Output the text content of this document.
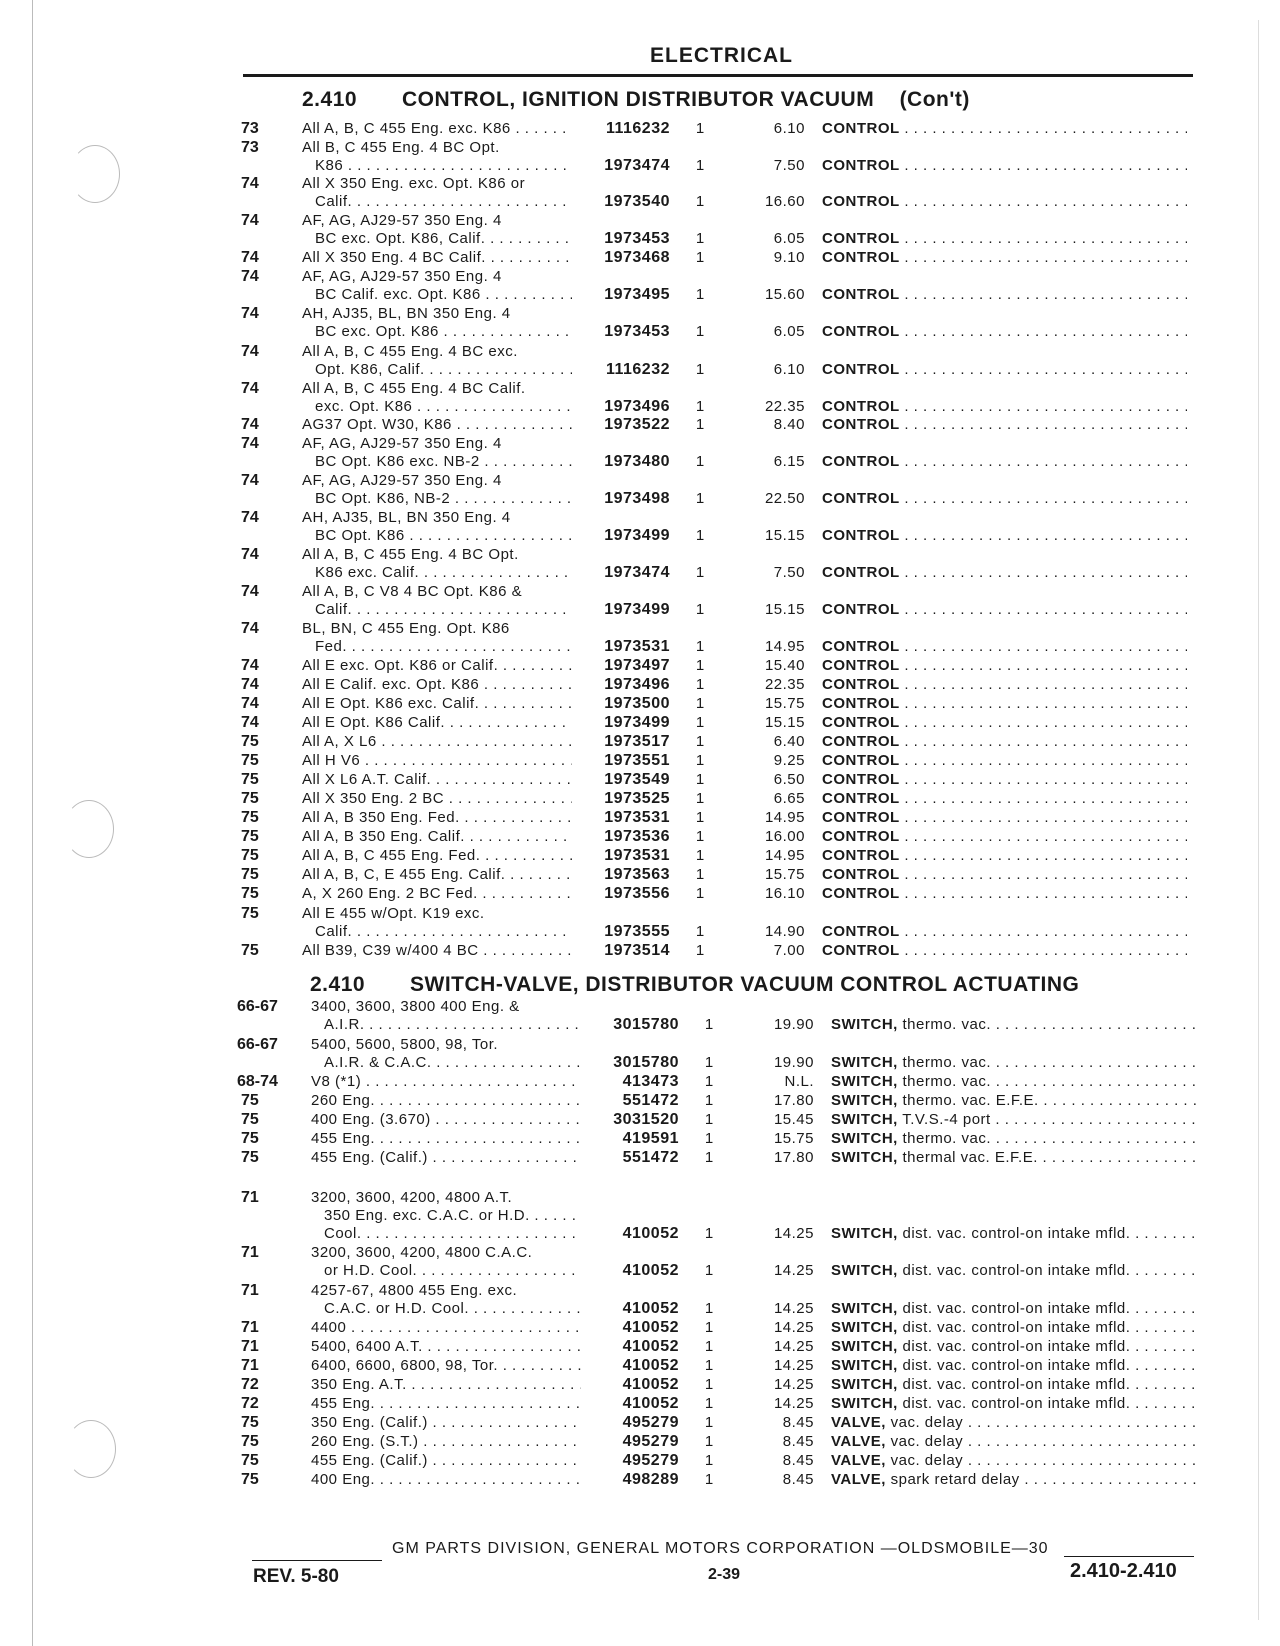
ELECTRICAL
2.410 CONTROL, IGNITION DISTRIBUTOR VACUUM (Con't)
2.410 SWITCH-VALVE, DISTRIBUTOR VACUUM CONTROL ACTUATING
73	All A, B, C 455 Eng. exc. K86 . . .	1116232	1	6.10 CONTROL . . .
73	All B, C 455 Eng. 4 BC Opt.
K86 . . .	1973474	1	7.50 CONTROL . . .
74	All X 350 Eng. exc. Opt. K86 or
Calif. . . .	1973540	1	16.60 CONTROL . . .
74	AF, AG, AJ29-57 350 Eng. 4
BC exc. Opt. K86, Calif. . . .	1973453	1	6.05 CONTROL . . .
74	All X 350 Eng. 4 BC Calif. . . .	1973468	1	9.10 CONTROL . . .
74	AF, AG, AJ29-57 350 Eng. 4
BC Calif. exc. Opt. K86 . . .	1973495	1	15.60 CONTROL . . .
74	AH, AJ35, BL, BN 350 Eng. 4
BC exc. Opt. K86 . . .	1973453	1	6.05 CONTROL . . .
74	All A, B, C 455 Eng. 4 BC exc.
Opt. K86, Calif. . . .	1116232	1	6.10 CONTROL . . .
74	All A, B, C 455 Eng. 4 BC Calif.
exc. Opt. K86 . . .	1973496	1	22.35 CONTROL . . .
74	AG37 Opt. W30, K86 . . .	1973522	1	8.40 CONTROL . . .
74	AF, AG, AJ29-57 350 Eng. 4
BC Opt. K86 exc. NB-2 . . .	1973480	1	6.15 CONTROL . . .
74	AF, AG, AJ29-57 350 Eng. 4
BC Opt. K86, NB-2 . . .	1973498	1	22.50 CONTROL . . .
74	AH, AJ35, BL, BN 350 Eng. 4
BC Opt. K86 . . .	1973499	1	15.15 CONTROL . . .
74	All A, B, C 455 Eng. 4 BC Opt.
K86 exc. Calif. . . .	1973474	1	7.50 CONTROL . . .
74	All A, B, C V8 4 BC Opt. K86 &
Calif. . . .	1973499	1	15.15 CONTROL . . .
74	BL, BN, C 455 Eng. Opt. K86
Fed. . . .	1973531	1	14.95 CONTROL . . .
74	All E exc. Opt. K86 or Calif. . . .	1973497	1	15.40 CONTROL . . .
74	All E Calif. exc. Opt. K86 . . .	1973496	1	22.35 CONTROL . . .
74	All E Opt. K86 exc. Calif. . . .	1973500	1	15.75 CONTROL . . .
74	All E Opt. K86 Calif. . . .	1973499	1	15.15 CONTROL . . .
75	All A, X L6 . . .	1973517	1	6.40 CONTROL . . .
75	All H V6 . . .	1973551	1	9.25 CONTROL . . .
75	All X L6 A.T. Calif. . . .	1973549	1	6.50 CONTROL . . .
75	All X 350 Eng. 2 BC . . .	1973525	1	6.65 CONTROL . . .
75	All A, B 350 Eng. Fed. . . .	1973531	1	14.95 CONTROL . . .
75	All A, B 350 Eng. Calif. . . .	1973536	1	16.00 CONTROL . . .
75	All A, B, C 455 Eng. Fed. . . .	1973531	1	14.95 CONTROL . . .
75	All A, B, C, E 455 Eng. Calif. . . .	1973563	1	15.75 CONTROL . . .
75	A, X 260 Eng. 2 BC Fed. . . .	1973556	1	16.10 CONTROL . . .
75	All E 455 w/Opt. K19 exc.
Calif. . . .	1973555	1	14.90 CONTROL . . .
75	All B39, C39 w/400 4 BC . . .	1973514	1	7.00 CONTROL . . .
66-67	3400, 3600, 3800 400 Eng. &
A.I.R. . . .	3015780	1	19.90 SWITCH, thermo. vac. . . .
66-67	5400, 5600, 5800, 98, Tor.
A.I.R. & C.A.C. . . .	3015780	1	19.90 SWITCH, thermo. vac. . . .
68-74	V8 (*1) . . .	413473	1	N.L. SWITCH, thermo. vac. . . .
75	260 Eng. . . .	551472	1	17.80 SWITCH, thermo. vac. E.F.E. . . .
75	400 Eng. (3.670) . . .	3031520	1	15.45 SWITCH, T.V.S.-4 port . . .
75	455 Eng. . . .	419591	1	15.75 SWITCH, thermo. vac. . . .
75	455 Eng. (Calif.) . . .	551472	1	17.80 SWITCH, thermal vac. E.F.E. . . .
71	3200, 3600, 4200, 4800 A.T.
350 Eng. exc. C.A.C. or H.D. . . .
Cool. . . .	410052	1	14.25 SWITCH, dist. vac. control-on intake mfld. . . . .
71	3200, 3600, 4200, 4800 C.A.C.
or H.D. Cool. . . .	410052	1	14.25 SWITCH, dist. vac. control-on intake mfld. . . . .
71	4257-67, 4800 455 Eng. exc.
C.A.C. or H.D. Cool. . . .	410052	1	14.25 SWITCH, dist. vac. control-on intake mfld. . . . .
71	4400 . . .	410052	1	14.25 SWITCH, dist. vac. control-on intake mfld. . . . .
71	5400, 6400 A.T. . . .	410052	1	14.25 SWITCH, dist. vac. control-on intake mfld. . . . .
71	6400, 6600, 6800, 98, Tor. . . .	410052	1	14.25 SWITCH, dist. vac. control-on intake mfld. . . . .
72	350 Eng. A.T. . . .	410052	1	14.25 SWITCH, dist. vac. control-on intake mfld. . . . .
72	455 Eng. . . .	410052	1	14.25 SWITCH, dist. vac. control-on intake mfld. . . . .
75	350 Eng. (Calif.) . . .	495279	1	8.45 VALVE, vac. delay . . .
75	260 Eng. (S.T.) . . .	495279	1	8.45 VALVE, vac. delay . . .
75	455 Eng. (Calif.) . . .	495279	1	8.45 VALVE, vac. delay . . .
75	400 Eng. . . .	498289	1	8.45 VALVE, spark retard delay . . .
GM PARTS DIVISION, GENERAL MOTORS CORPORATION —OLDSMOBILE—30
REV. 5-80	2-39	2.410-2.410
